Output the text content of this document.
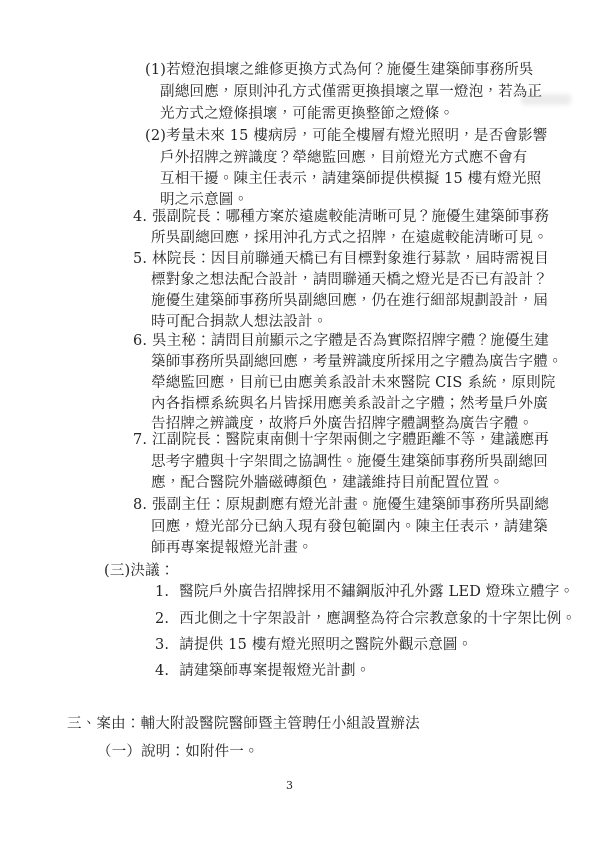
(1)若燈泡損壞之維修更換方式為何？施優生建築師事務所吳
副總回應，原則沖孔方式僅需更換損壞之單一燈泡，若為正
光方式之燈條損壞，可能需更換整節之燈條。
(2)考量未來 15 樓病房，可能全樓層有燈光照明，是否會影響
戶外招牌之辨識度？犖總監回應，目前燈光方式應不會有
互相干擾。陳主任表示，請建築師提供模擬 15 樓有燈光照
明之示意圖。
4. 張副院長：哪種方案於遠處較能清晰可見？施優生建築師事務
所吳副總回應，採用沖孔方式之招牌，在遠處較能清晰可見。
5. 林院長：因目前聯通天橋已有目標對象進行募款，屆時需視目
標對象之想法配合設計，請問聯通天橋之燈光是否已有設計？
施優生建築師事務所吳副總回應，仍在進行細部規劃設計，屆
時可配合捐款人想法設計。
6. 吳主秘：請問目前顯示之字體是否為實際招牌字體？施優生建
築師事務所吳副總回應，考量辨識度所採用之字體為廣告字體。
犖總監回應，目前已由應美系設計未來醫院 CIS 系統，原則院
內各指標系統與名片皆採用應美系設計之字體；然考量戶外廣
告招牌之辨識度，故將戶外廣告招牌字體調整為廣告字體。
7. 江副院長：醫院東南側十字架兩側之字體距離不等，建議應再
思考字體與十字架間之協調性。施優生建築師事務所吳副總回
應，配合醫院外牆磁磚顏色，建議維持目前配置位置。
8. 張副主任：原規劃應有燈光計畫。施優生建築師事務所吳副總
回應，燈光部分已納入現有發包範圍內。陳主任表示，請建築
師再專案提報燈光計畫。
(三)決議：
1. 醫院戶外廣告招牌採用不鏽鋼版沖孔外露 LED 燈珠立體字。
2. 西北側之十字架設計，應調整為符合宗教意象的十字架比例。
3. 請提供 15 樓有燈光照明之醫院外觀示意圖。
4. 請建築師專案提報燈光計劃。
三、案由：輔大附設醫院醫師暨主管聘任小組設置辦法
（一）說明：如附件一。
3
